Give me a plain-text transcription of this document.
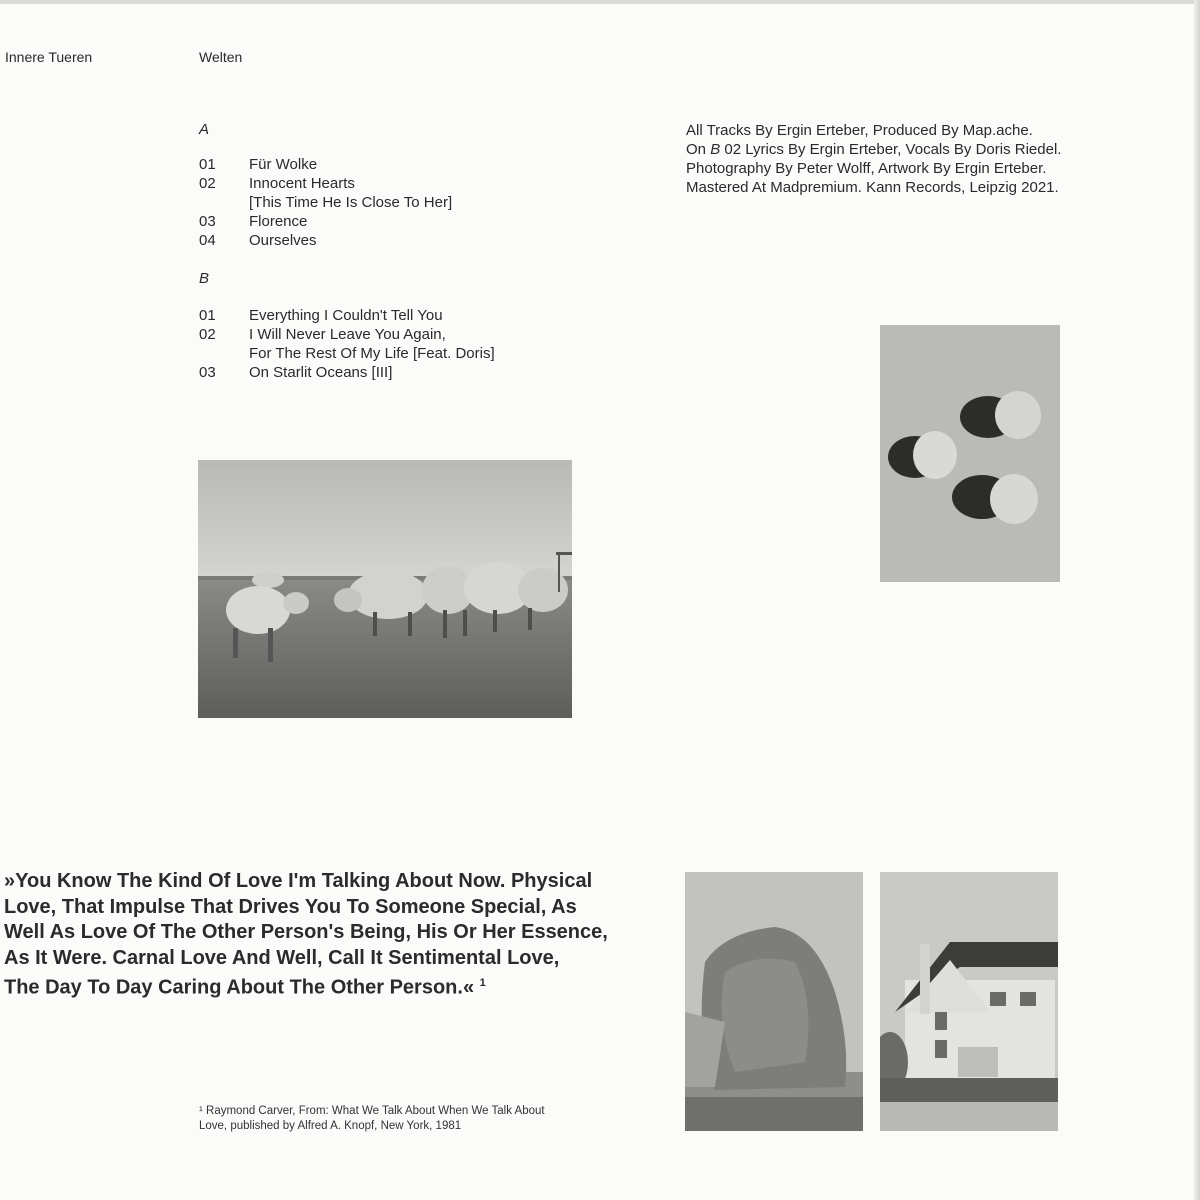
Innere Tueren	Welten
A
01	Für Wolke
02	Innocent Hearts
[This Time He Is Close To Her]
03	Florence
04	Ourselves
B
01	Everything I Couldn't Tell You
02	I Will Never Leave You Again,
For The Rest Of My Life [Feat. Doris]
03	On Starlit Oceans [III]
All Tracks By Ergin Erteber, Produced By Map.ache.
On B 02 Lyrics By Ergin Erteber, Vocals By Doris Riedel.
Photography By Peter Wolff, Artwork By Ergin Erteber.
Mastered At Madpremium. Kann Records, Leipzig 2021.
»You Know The Kind Of Love I'm Talking About Now. Physical
Love, That Impulse That Drives You To Someone Special, As
Well As Love Of The Other Person's Being, His Or Her Essence,
As It Were. Carnal Love And Well, Call It Sentimental Love,
The Day To Day Caring About The Other Person.« $^1$
¹ Raymond Carver, From: What We Talk About When We Talk About
Love, published by Alfred A. Knopf, New York, 1981
